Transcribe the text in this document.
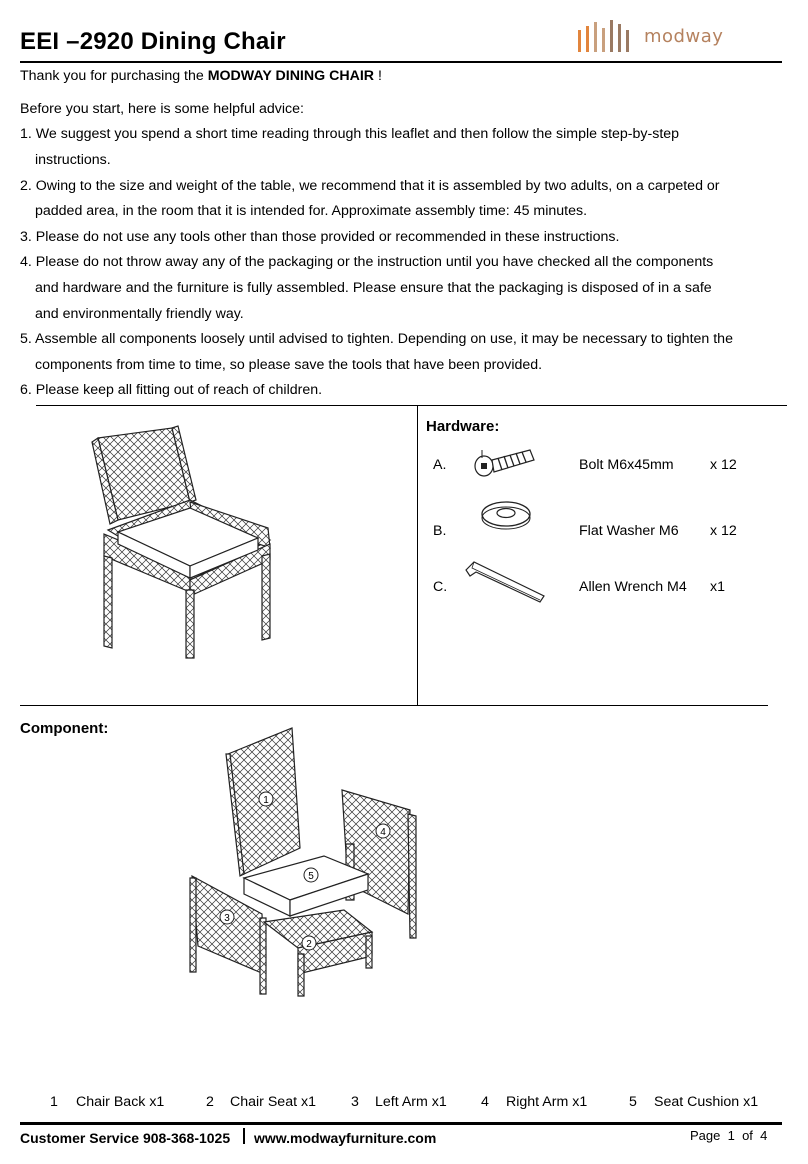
EEI –2920 Dining Chair	modway
Thank you for purchasing the MODWAY DINING CHAIR !
Before you start, here is some helpful advice:
1. We suggest you spend a short time reading through this leaflet and then follow the simple step-by-step
instructions.
2. Owing to the size and weight of the table, we recommend that it is assembled by two adults, on a carpeted or
padded area, in the room that it is intended for. Approximate assembly time: 45 minutes.
3. Please do not use any tools other than those provided or recommended in these instructions.
4. Please do not throw away any of the packaging or the instruction until you have checked all the components
and hardware and the furniture is fully assembled. Please ensure that the packaging is disposed of in a safe
and environmentally friendly way.
5. Assemble all components loosely until advised to tighten. Depending on use, it may be necessary to tighten the
components from time to time, so please save the tools that have been provided.
6. Please keep all fitting out of reach of children.
Hardware:
A.	Bolt M6x45mm	x 12
B.	Flat Washer M6 x 12
C.	Allen Wrench M4 x1
Component:
1
2
3
4
5
1 Chair Back x1	2 Chair Seat x1 3 Left Arm x1 4 Right Arm x1	5 Seat Cushion x1
Customer Service 908-368-1025 www.modwayfurniture.com	Page 1 of 4
